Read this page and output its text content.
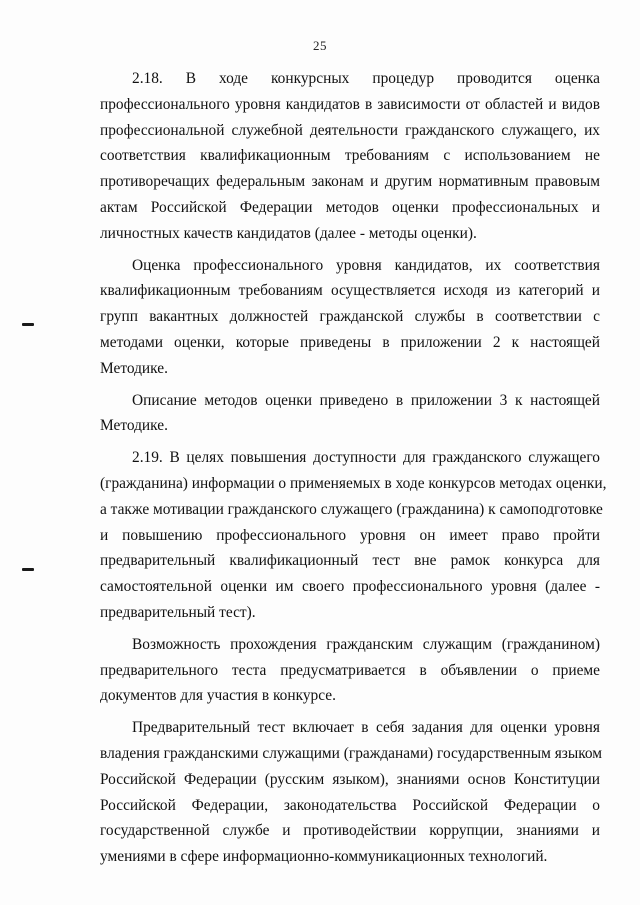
25
2.18. В ходе конкурсных процедур проводится оценка
профессионального уровня кандидатов в зависимости от областей и видов
профессиональной служебной деятельности гражданского служащего, их
соответствия квалификационным требованиям с использованием не
противоречащих федеральным законам и другим нормативным правовым
актам Российской Федерации методов оценки профессиональных и
личностных качеств кандидатов (далее - методы оценки).
Оценка профессионального уровня кандидатов, их соответствия
квалификационным требованиям осуществляется исходя из категорий и
групп вакантных должностей гражданской службы в соответствии с
методами оценки, которые приведены в приложении 2 к настоящей
Методике.
Описание методов оценки приведено в приложении 3 к настоящей
Методике.
2.19. В целях повышения доступности для гражданского служащего
(гражданина) информации о применяемых в ходе конкурсов методах оценки,
а также мотивации гражданского служащего (гражданина) к самоподготовке
и повышению профессионального уровня он имеет право пройти
предварительный квалификационный тест вне рамок конкурса для
самостоятельной оценки им своего профессионального уровня (далее -
предварительный тест).
Возможность прохождения гражданским служащим (гражданином)
предварительного теста предусматривается в объявлении о приеме
документов для участия в конкурсе.
Предварительный тест включает в себя задания для оценки уровня
владения гражданскими служащими (гражданами) государственным языком
Российской Федерации (русским языком), знаниями основ Конституции
Российской Федерации, законодательства Российской Федерации о
государственной службе и противодействии коррупции, знаниями и
умениями в сфере информационно-коммуникационных технологий.
